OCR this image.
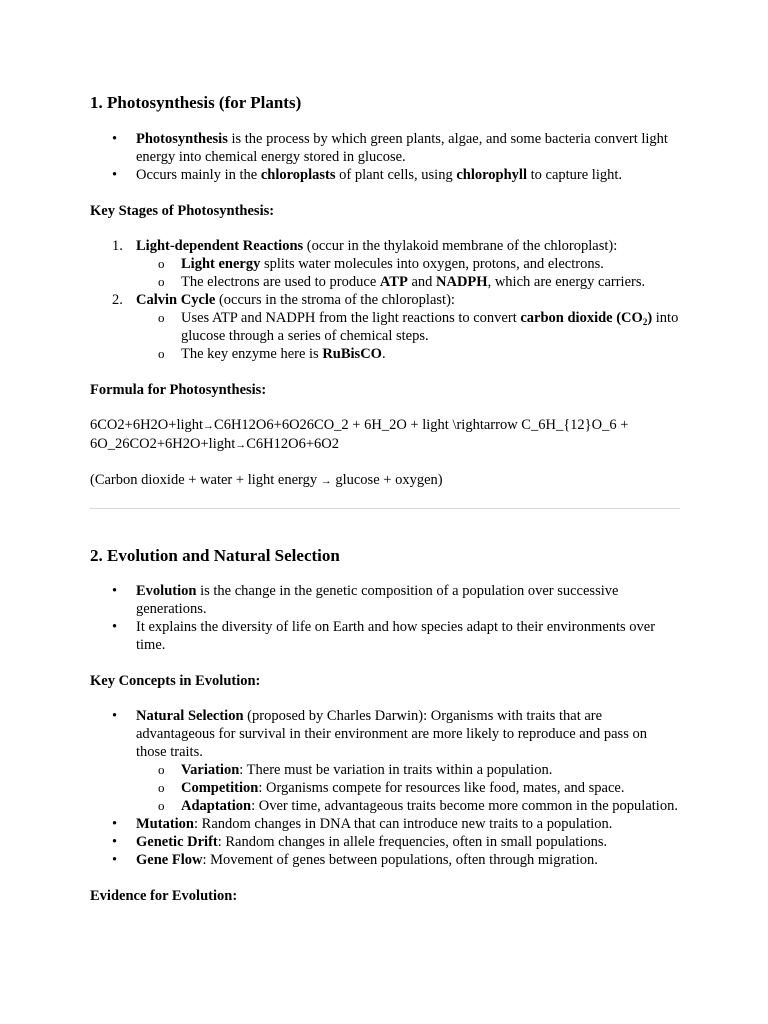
1. Photosynthesis (for Plants)
• Photosynthesis is the process by which green plants, algae, and some bacteria convert light energy into chemical energy stored in glucose.
• Occurs mainly in the chloroplasts of plant cells, using chlorophyll to capture light.

Key Stages of Photosynthesis:

1. Light-dependent Reactions (occur in the thylakoid membrane of the chloroplast):
o Light energy splits water molecules into oxygen, protons, and electrons.
o The electrons are used to produce ATP and NADPH, which are energy carriers.
2. Calvin Cycle (occurs in the stroma of the chloroplast):
o Uses ATP and NADPH from the light reactions to convert carbon dioxide $(CO_2)$ into glucose through a series of chemical steps.
o The key enzyme here is RuBisCO.

Formula for Photosynthesis:

6CO2+6H2O+light→C6H12O6+6O26CO_2 + 6H_2O + light \rightarrow C_6H_{12}O_6 + 6O_26CO2+6H2O+light→C6H12O6+6O2

(Carbon dioxide + water + light energy → glucose + oxygen)

2. Evolution and Natural Selection
• Evolution is the change in the genetic composition of a population over successive generations.
• It explains the diversity of life on Earth and how species adapt to their environments over time.

Key Concepts in Evolution:

• Natural Selection (proposed by Charles Darwin): Organisms with traits that are advantageous for survival in their environment are more likely to reproduce and pass on those traits.
o Variation: There must be variation in traits within a population.
o Competition: Organisms compete for resources like food, mates, and space.
o Adaptation: Over time, advantageous traits become more common in the population.
• Mutation: Random changes in DNA that can introduce new traits to a population.
• Genetic Drift: Random changes in allele frequencies, often in small populations.
• Gene Flow: Movement of genes between populations, often through migration.

Evidence for Evolution:
